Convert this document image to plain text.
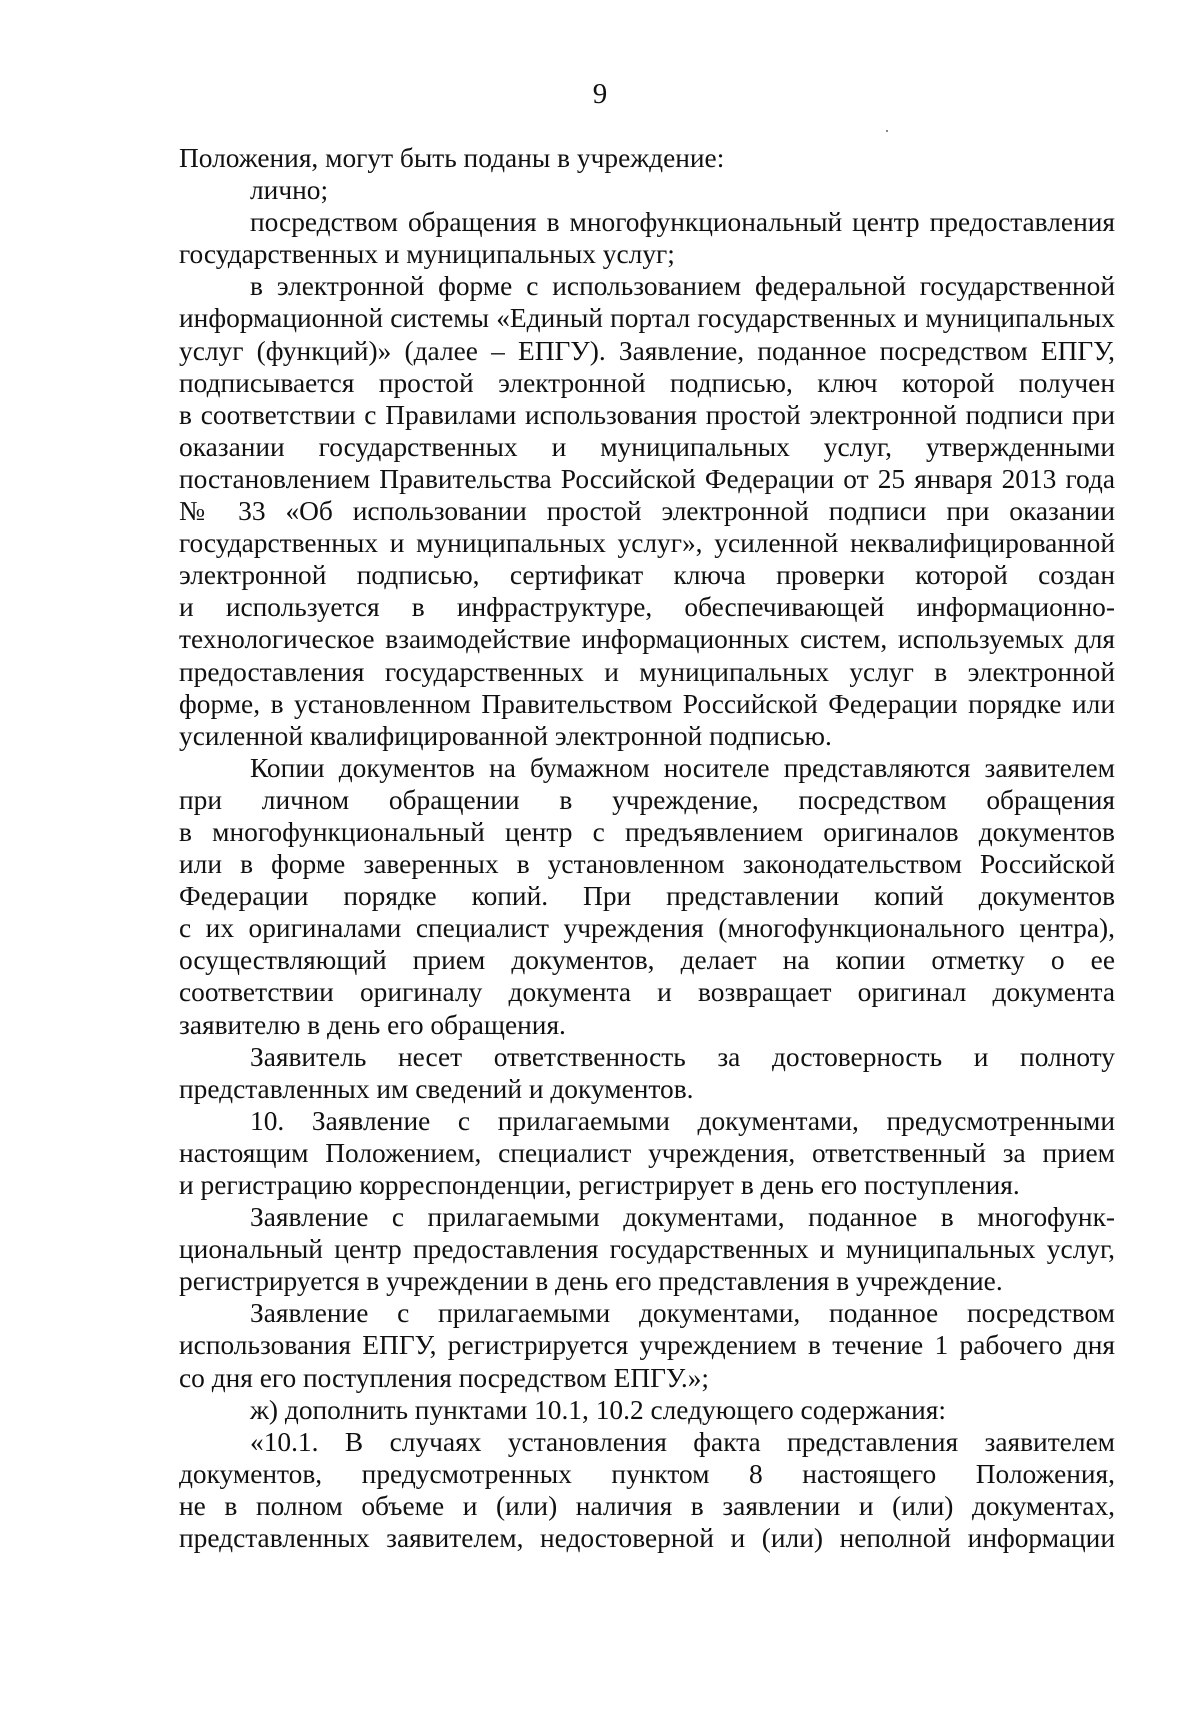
9
Положения, могут быть поданы в учреждение:
лично;
посредством обращения в многофункциональный центр предоставления
государственных и муниципальных услуг;
в электронной форме с использованием федеральной государственной
информационной системы «Единый портал государственных и муниципальных
услуг (функций)» (далее – ЕПГУ). Заявление, поданное посредством ЕПГУ,
подписывается простой электронной подписью, ключ которой получен
в соответствии с Правилами использования простой электронной подписи при
оказании государственных и муниципальных услуг, утвержденными
постановлением Правительства Российской Федерации от 25 января 2013 года
№ 33 «Об использовании простой электронной подписи при оказании
государственных и муниципальных услуг», усиленной неквалифицированной
электронной подписью, сертификат ключа проверки которой создан
и используется в инфраструктуре, обеспечивающей информационно-
технологическое взаимодействие информационных систем, используемых для
предоставления государственных и муниципальных услуг в электронной
форме, в установленном Правительством Российской Федерации порядке или
усиленной квалифицированной электронной подписью.
Копии документов на бумажном носителе представляются заявителем
при личном обращении в учреждение, посредством обращения
в многофункциональный центр с предъявлением оригиналов документов
или в форме заверенных в установленном законодательством Российской
Федерации порядке копий. При представлении копий документов
с их оригиналами специалист учреждения (многофункционального центра),
осуществляющий прием документов, делает на копии отметку о ее
соответствии оригиналу документа и возвращает оригинал документа
заявителю в день его обращения.
Заявитель несет ответственность за достоверность и полноту
представленных им сведений и документов.
10. Заявление с прилагаемыми документами, предусмотренными
настоящим Положением, специалист учреждения, ответственный за прием
и регистрацию корреспонденции, регистрирует в день его поступления.
Заявление с прилагаемыми документами, поданное в многофунк-
циональный центр предоставления государственных и муниципальных услуг,
регистрируется в учреждении в день его представления в учреждение.
Заявление с прилагаемыми документами, поданное посредством
использования ЕПГУ, регистрируется учреждением в течение 1 рабочего дня
со дня его поступления посредством ЕПГУ.»;
ж) дополнить пунктами 10.1, 10.2 следующего содержания:
«10.1. В случаях установления факта представления заявителем
документов, предусмотренных пунктом 8 настоящего Положения,
не в полном объеме и (или) наличия в заявлении и (или) документах,
представленных заявителем, недостоверной и (или) неполной информации
